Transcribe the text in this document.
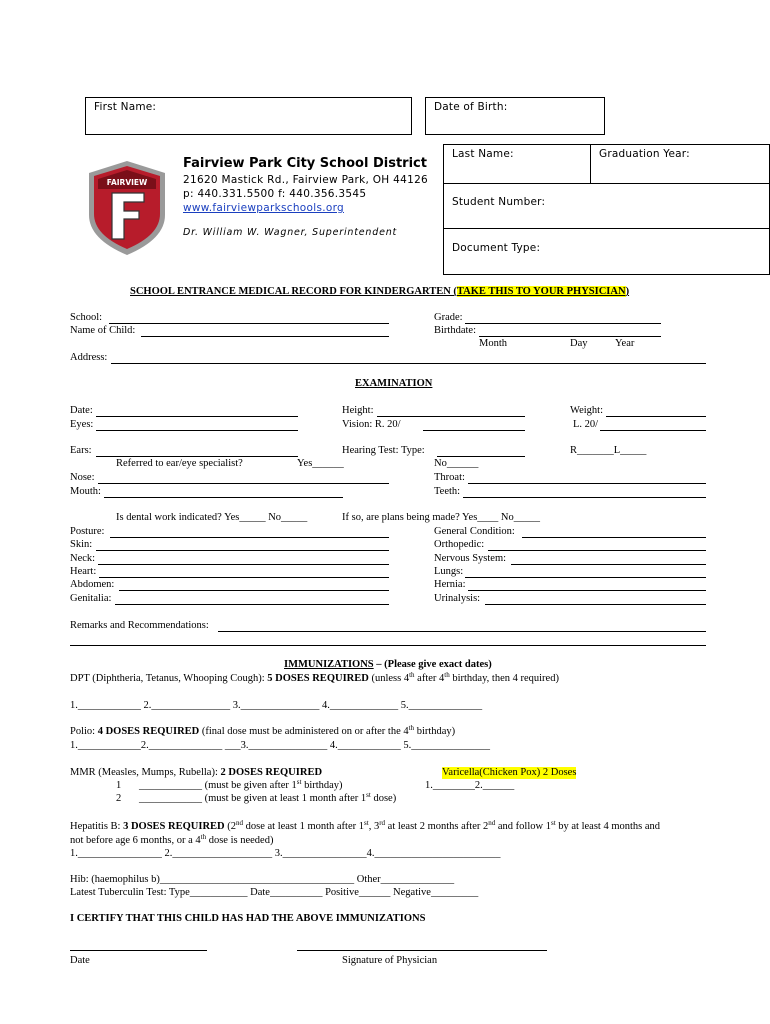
First Name:	Date of Birth:
Last Name:	Graduation Year:
Student Number:
Document Type:
FAIRVIEW
Fairview Park City School District
21620 Mastick Rd., Fairview Park, OH 44126
p: 440.331.5500 f: 440.356.3545
www.fairviewparkschools.org
Dr. William W. Wagner, Superintendent
SCHOOL ENTRANCE MEDICAL RECORD FOR KINDERGARTEN (TAKE THIS TO YOUR PHYSICIAN)
School:	Grade:
Name of Child:	Birthdate:
Month	Day	Year
Address:
EXAMINATION
Date:	Height:	Weight:
Eyes:	Vision: R. 20/	L. 20/
Ears:	Hearing Test: Type:	R_______L_____
Referred to ear/eye specialist?	Yes______	No______
Nose:	Throat:
Mouth:	Teeth:
Is dental work indicated? Yes_____ No_____	If so, are plans being made? Yes____ No_____
Posture:	General Condition:
Skin:	Orthopedic:
Neck:	Nervous System:
Heart:	Lungs:
Abdomen:	Hernia:
Genitalia:	Urinalysis:
Remarks and Recommendations:
IMMUNIZATIONS – (Please give exact dates)
DPT (Diphtheria, Tetanus, Whooping Cough): 5 DOSES REQUIRED (unless 4th after 4th birthday, then 4 required)
1.____________ 2._______________ 3._______________ 4._____________ 5.______________
Polio: 4 DOSES REQUIRED (final dose must be administered on or after the 4th birthday)
1.____________2.______________ ___3._______________ 4.____________ 5._______________
MMR (Measles, Mumps, Rubella): 2 DOSES REQUIRED	Varicella(Chicken Pox) 2 Doses
1 ____________ (must be given after 1st birthday)	1.________2.______
2 ____________ (must be given at least 1 month after 1st dose)
Hepatitis B: 3 DOSES REQUIRED (2nd dose at least 1 month after 1st, 3rd at least 2 months after 2nd and follow 1st by at least 4 months and
not before age 6 months, or a 4th dose is needed)
1.________________ 2.___________________ 3.________________4.________________________
Hib: (haemophilus b)_____________________________________ Other______________
Latest Tuberculin Test: Type___________ Date__________ Positive______ Negative_________
I CERTIFY THAT THIS CHILD HAS HAD THE ABOVE IMMUNIZATIONS
Date	Signature of Physician
